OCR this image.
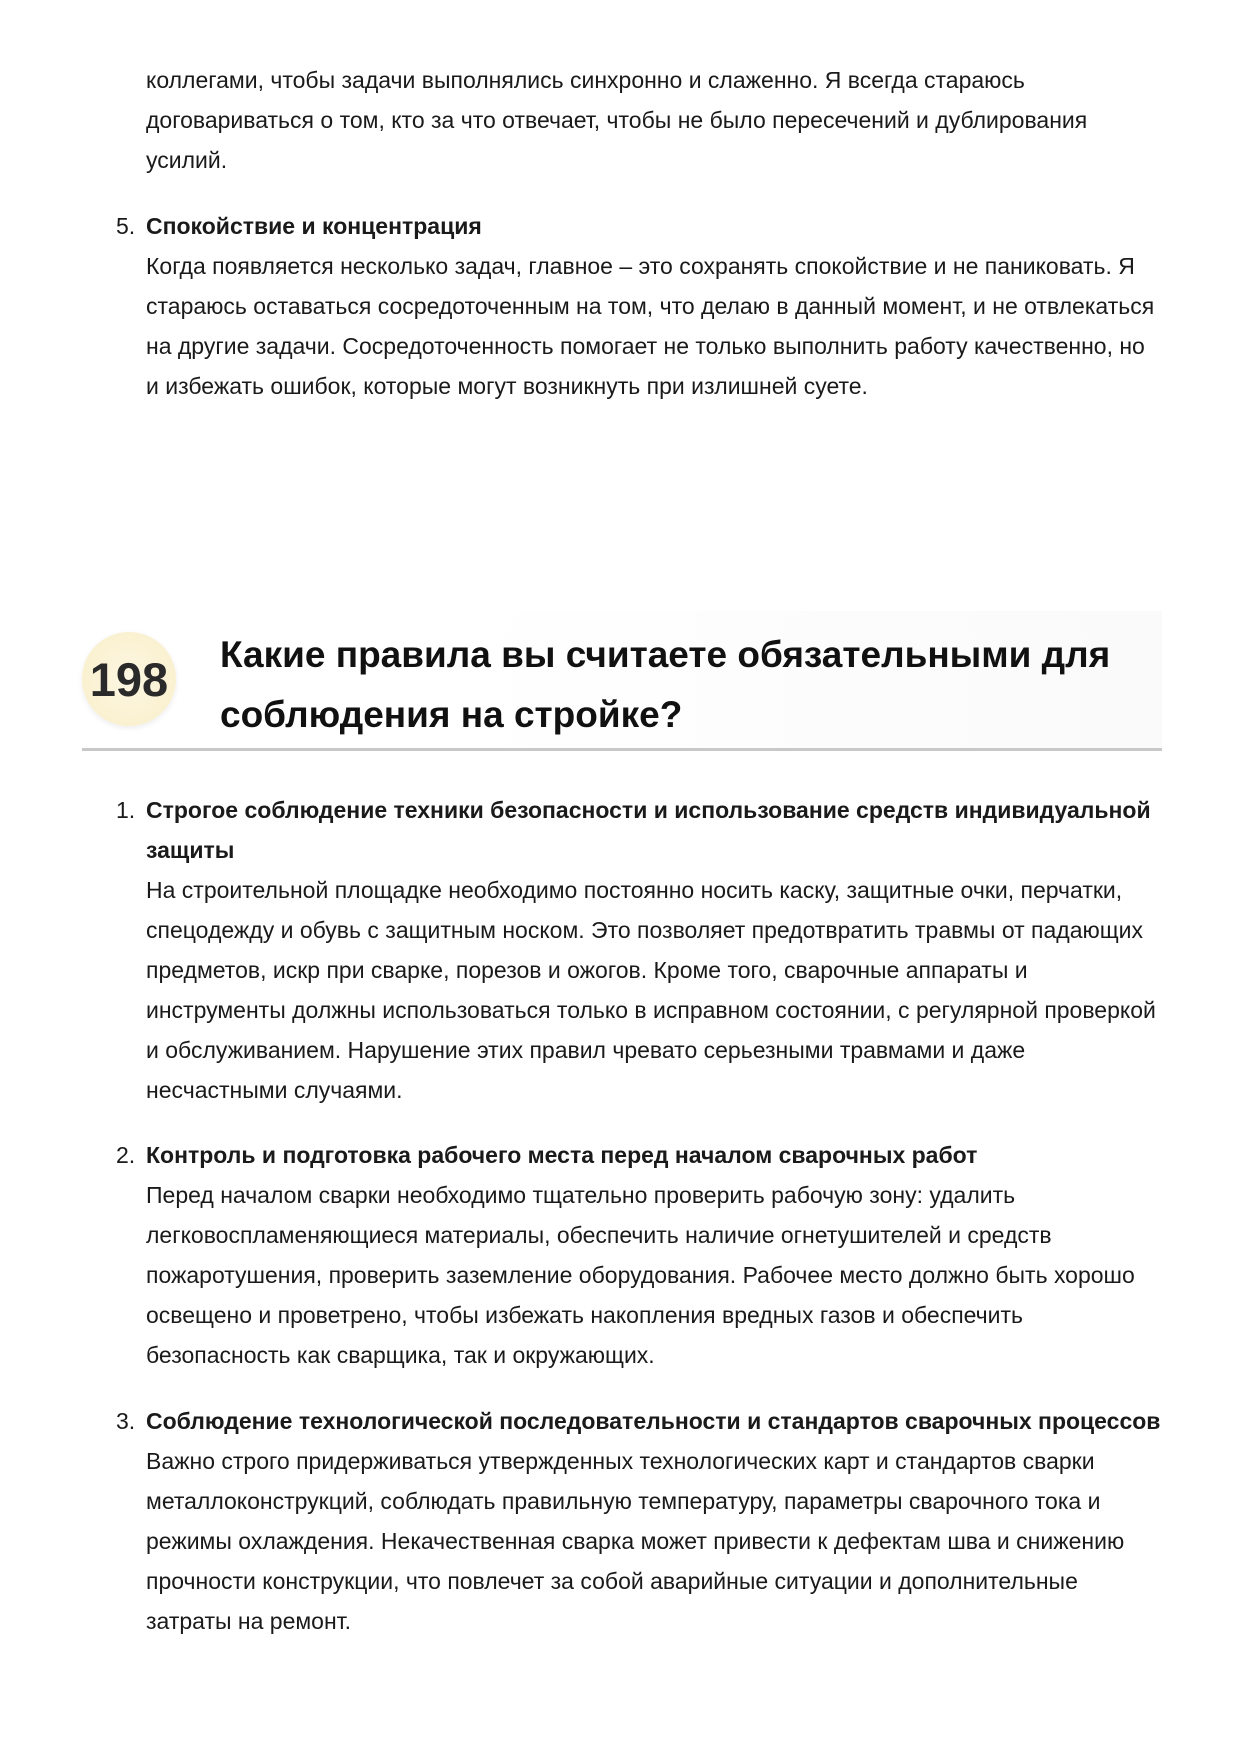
коллегами, чтобы задачи выполнялись синхронно и слаженно. Я всегда стараюсь договариваться о том, кто за что отвечает, чтобы не было пересечений и дублирования усилий.
5. Спокойствие и концентрация
Когда появляется несколько задач, главное – это сохранять спокойствие и не паниковать. Я стараюсь оставаться сосредоточенным на том, что делаю в данный момент, и не отвлекаться на другие задачи. Сосредоточенность помогает не только выполнить работу качественно, но и избежать ошибок, которые могут возникнуть при излишней суете.
198 Какие правила вы считаете обязательными для соблюдения на стройке?
1. Строгое соблюдение техники безопасности и использование средств индивидуальной защиты
На строительной площадке необходимо постоянно носить каску, защитные очки, перчатки, спецодежду и обувь с защитным носком. Это позволяет предотвратить травмы от падающих предметов, искр при сварке, порезов и ожогов. Кроме того, сварочные аппараты и инструменты должны использоваться только в исправном состоянии, с регулярной проверкой и обслуживанием. Нарушение этих правил чревато серьезными травмами и даже несчастными случаями.
2. Контроль и подготовка рабочего места перед началом сварочных работ
Перед началом сварки необходимо тщательно проверить рабочую зону: удалить легковоспламеняющиеся материалы, обеспечить наличие огнетушителей и средств пожаротушения, проверить заземление оборудования. Рабочее место должно быть хорошо освещено и проветрено, чтобы избежать накопления вредных газов и обеспечить безопасность как сварщика, так и окружающих.
3. Соблюдение технологической последовательности и стандартов сварочных процессов
Важно строго придерживаться утвержденных технологических карт и стандартов сварки металлоконструкций, соблюдать правильную температуру, параметры сварочного тока и режимы охлаждения. Некачественная сварка может привести к дефектам шва и снижению прочности конструкции, что повлечет за собой аварийные ситуации и дополнительные затраты на ремонт.
